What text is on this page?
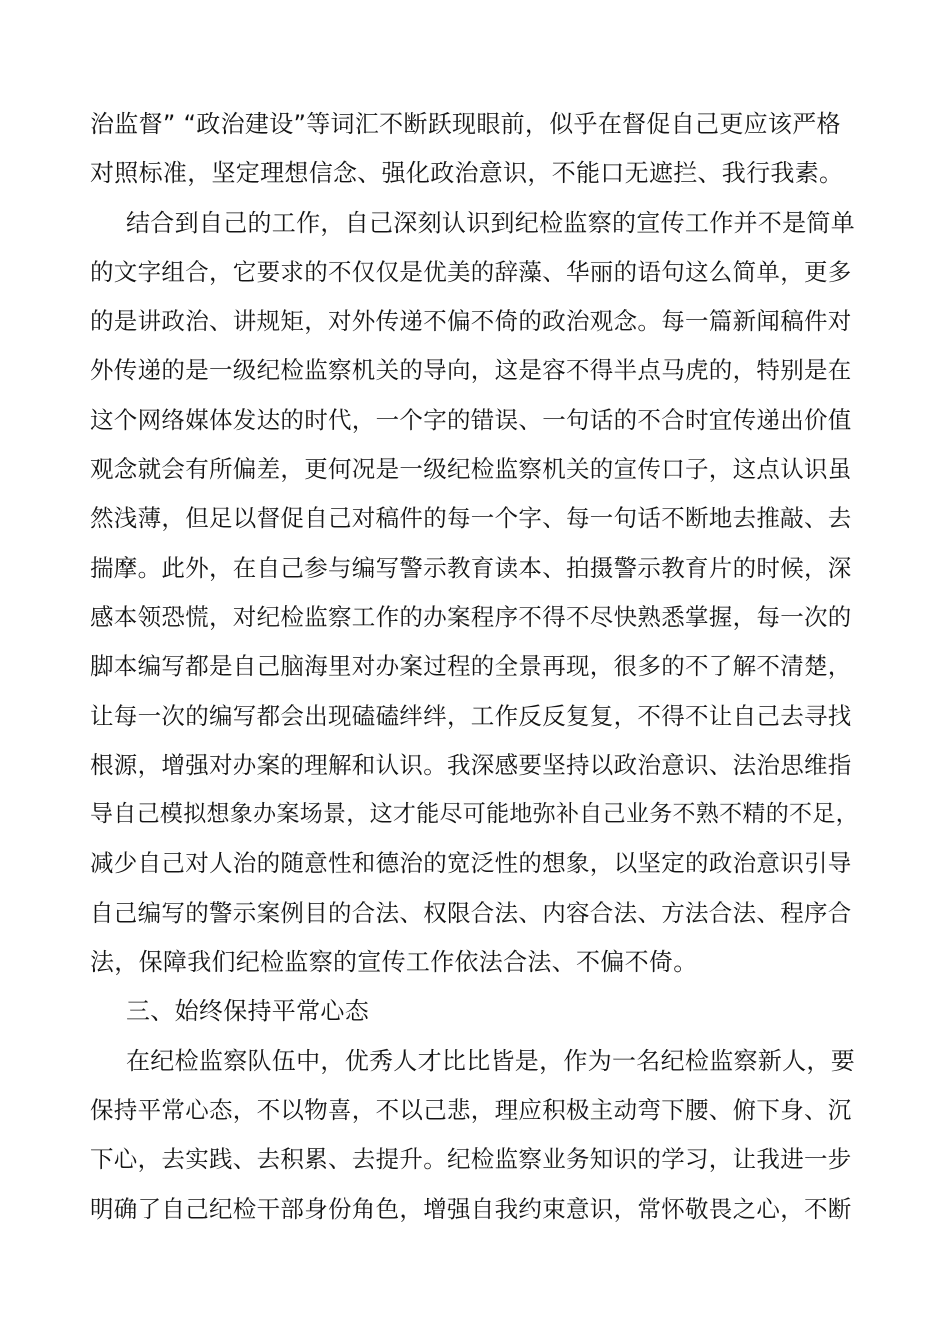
治监督” “政治建设”等词汇不断跃现眼前，似乎在督促自己更应该严格
对照标准，坚定理想信念、强化政治意识，不能口无遮拦、我行我素。
结合到自己的工作，自己深刻认识到纪检监察的宣传工作并不是简单
的文字组合，它要求的不仅仅是优美的辞藻、华丽的语句这么简单，更多
的是讲政治、讲规矩，对外传递不偏不倚的政治观念。每一篇新闻稿件对
外传递的是一级纪检监察机关的导向，这是容不得半点马虎的，特别是在
这个网络媒体发达的时代，一个字的错误、一句话的不合时宜传递出价值
观念就会有所偏差，更何况是一级纪检监察机关的宣传口子，这点认识虽
然浅薄，但足以督促自己对稿件的每一个字、每一句话不断地去推敲、去
揣摩。此外，在自己参与编写警示教育读本、拍摄警示教育片的时候，深
感本领恐慌，对纪检监察工作的办案程序不得不尽快熟悉掌握，每一次的
脚本编写都是自己脑海里对办案过程的全景再现，很多的不了解不清楚，
让每一次的编写都会出现磕磕绊绊，工作反反复复，不得不让自己去寻找
根源，增强对办案的理解和认识。我深感要坚持以政治意识、法治思维指
导自己模拟想象办案场景，这才能尽可能地弥补自己业务不熟不精的不足，
减少自己对人治的随意性和德治的宽泛性的想象，以坚定的政治意识引导
自己编写的警示案例目的合法、权限合法、内容合法、方法合法、程序合
法，保障我们纪检监察的宣传工作依法合法、不偏不倚。
三、始终保持平常心态
在纪检监察队伍中，优秀人才比比皆是，作为一名纪检监察新人，要
保持平常心态，不以物喜，不以己悲，理应积极主动弯下腰、俯下身、沉
下心，去实践、去积累、去提升。纪检监察业务知识的学习，让我进一步
明确了自己纪检干部身份角色，增强自我约束意识，常怀敬畏之心，不断
